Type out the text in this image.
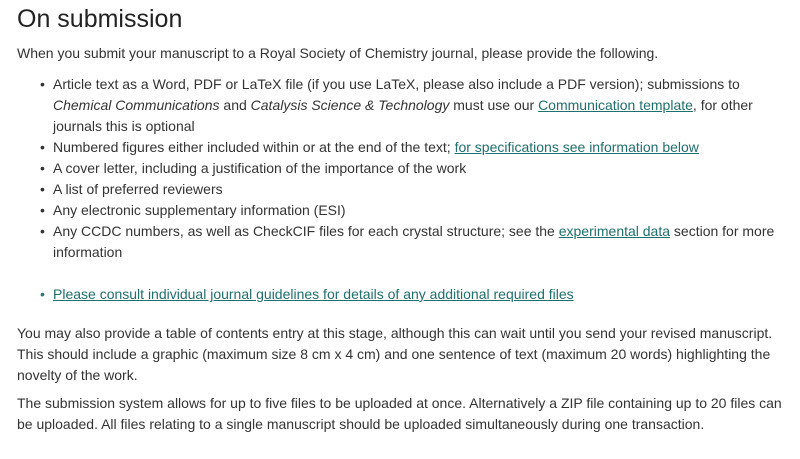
On submission

When you submit your manuscript to a Royal Society of Chemistry journal, please provide the following.

• Article text as a Word, PDF or LaTeX file (if you use LaTeX, please also include a PDF version); submissions to Chemical Communications and Catalysis Science & Technology must use our Communication template, for other journals this is optional
• Numbered figures either included within or at the end of the text; for specifications see information below
• A cover letter, including a justification of the importance of the work
• A list of preferred reviewers
• Any electronic supplementary information (ESI)
• Any CCDC numbers, as well as CheckCIF files for each crystal structure; see the experimental data section for more information
• Please consult individual journal guidelines for details of any additional required files

You may also provide a table of contents entry at this stage, although this can wait until you send your revised manuscript. This should include a graphic (maximum size 8 cm x 4 cm) and one sentence of text (maximum 20 words) highlighting the novelty of the work.

The submission system allows for up to five files to be uploaded at once. Alternatively a ZIP file containing up to 20 files can be uploaded. All files relating to a single manuscript should be uploaded simultaneously during one transaction.
